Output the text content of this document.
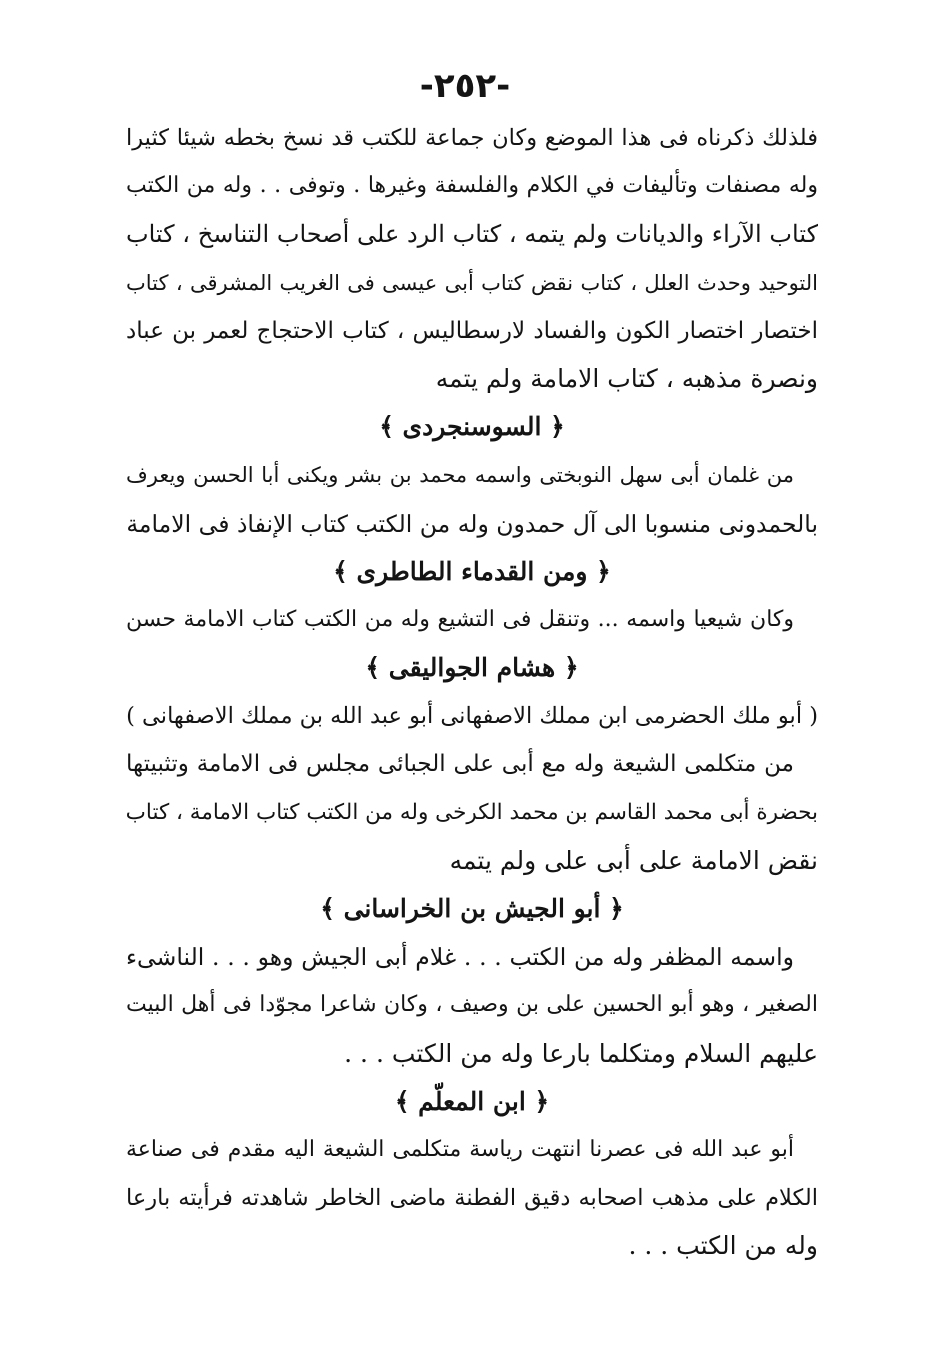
-٢٥٢-
فلذلك ذكرناه فى هذا الموضع وكان جماعة للكتب قد نسخ بخطه شيئا كثيرا
وله مصنفات وتأليفات في الكلام والفلسفة وغيرها . وتوفى . . وله من الكتب
كتاب الآراء والديانات ولم يتمه ، كتاب الرد على أصحاب التناسخ ، كتاب
التوحيد وحدث العلل ، كتاب نقض كتاب أبى عيسى فى الغريب المشرقى ، كتاب
اختصار اختصار الكون والفساد لارسطاليس ، كتاب الاحتجاج لعمر بن عباد
ونصرة مذهبه ، كتاب الامامة ولم يتمه
﴿ السوسنجردى ﴾
من غلمان أبى سهل النوبختى واسمه محمد بن بشر ويكنى أبا الحسن ويعرف
بالحمدونى منسوبا الى آل حمدون وله من الكتب كتاب الإنفاذ فى الامامة
﴿ ومن القدماء الطاطرى ﴾
وكان شيعيا واسمه ... وتنقل فى التشيع وله من الكتب كتاب الامامة حسن
﴿ هشام الجواليقى ﴾
( أبو ملك الحضرمى ابن مملك الاصفهانى أبو عبد الله بن مملك الاصفهانى )
من متكلمى الشيعة وله مع أبى على الجبائى مجلس فى الامامة وتثبيتها
بحضرة أبى محمد القاسم بن محمد الكرخى وله من الكتب كتاب الامامة ، كتاب
نقض الامامة على أبى على ولم يتمه
﴿ أبو الجيش بن الخراسانى ﴾
واسمه المظفر وله من الكتب . . . غلام أبى الجيش وهو . . . الناشىء
الصغير ، وهو أبو الحسين على بن وصيف ، وكان شاعرا مجوّدا فى أهل البيت
عليهم السلام ومتكلما بارعا وله من الكتب . . .
﴿ ابن المعلّم ﴾
أبو عبد الله فى عصرنا انتهت رياسة متكلمى الشيعة اليه مقدم فى صناعة
الكلام على مذهب اصحابه دقيق الفطنة ماضى الخاطر شاهدته فرأيته بارعا
وله من الكتب . . .
